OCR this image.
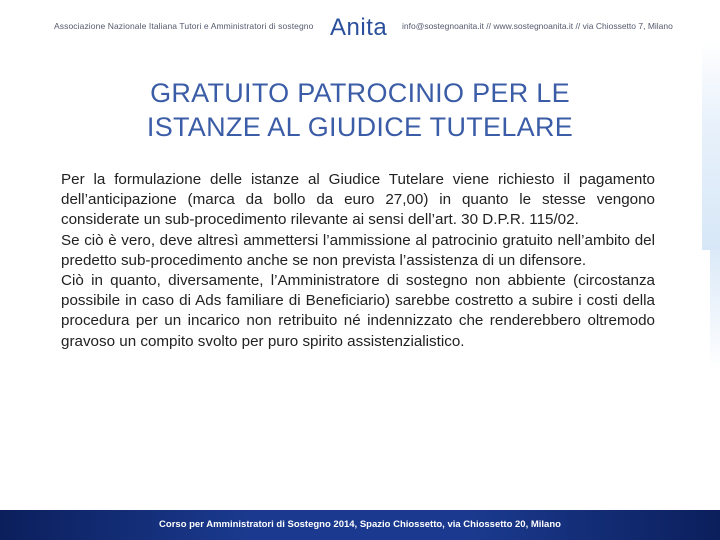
Associazione Nazionale Italiana Tutori e Amministratori di sostegno Anita info@sostegnoanita.it // www.sostegnoanita.it // via Chiossetto 7, Milano
GRATUITO PATROCINIO PER LE
ISTANZE AL GIUDICE TUTELARE

Per la formulazione delle istanze al Giudice Tutelare viene richiesto il pagamento dell’anticipazione (marca da bollo da euro 27,00) in quanto le stesse vengono considerate un sub-procedimento rilevante ai sensi dell’art. 30 D.P.R. 115/02.

Se ciò è vero, deve altresì ammettersi l’ammissione al patrocinio gratuito nell’ambito del predetto sub-procedimento anche se non prevista l’assistenza di un difensore.

Ciò in quanto, diversamente, l’Amministratore di sostegno non abbiente (circostanza possibile in caso di Ads familiare di Beneficiario) sarebbe costretto a subire i costi della procedura per un incarico non retribuito né indennizzato che renderebbero oltremodo gravoso un compito svolto per puro spirito assistenzialistico.

Corso per Amministratori di Sostegno 2014, Spazio Chiossetto, via Chiossetto 20, Milano
